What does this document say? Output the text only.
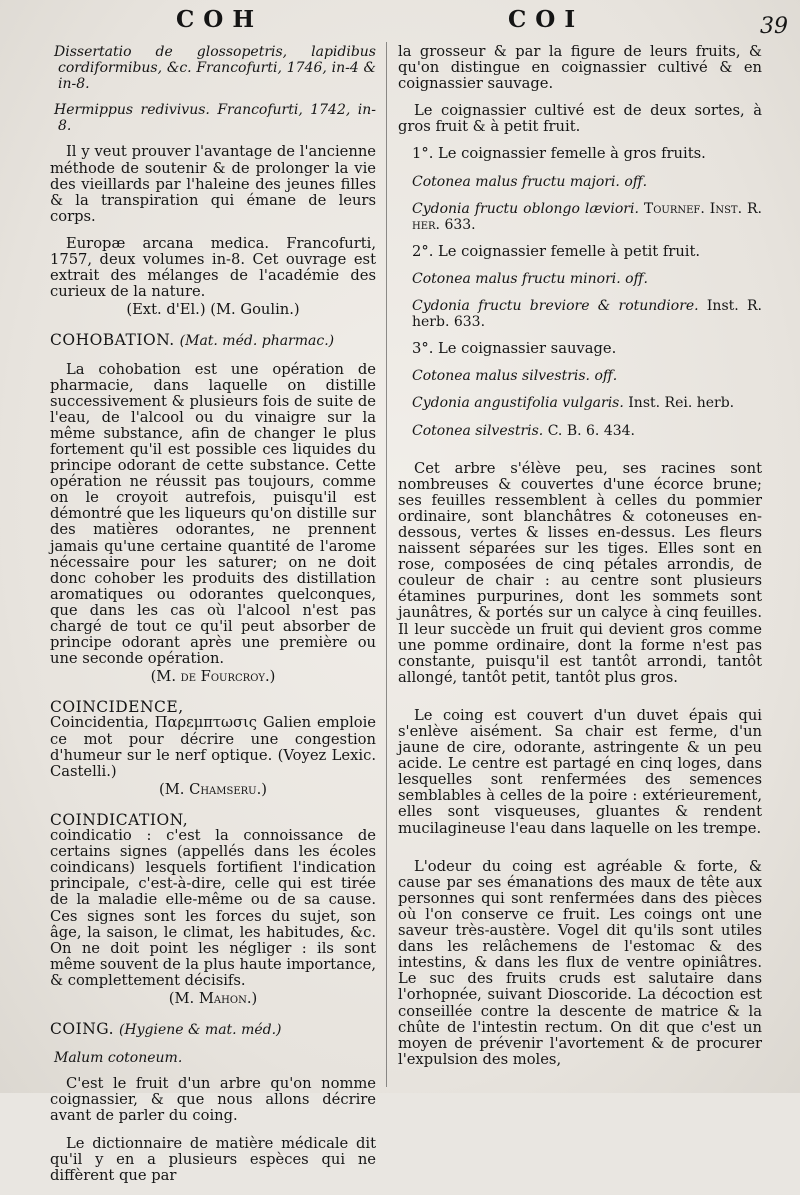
COH	COI	39

Dissertatio de glossopetris, lapidibus cordiformibus, &c. Francofurti, 1746, in-4 & in-8.

Hermippus redivivus. Francofurti, 1742, in-8.

Il y veut prouver l'avantage de l'ancienne méthode de soutenir & de prolonger la vie des vieillards par l'haleine des jeunes filles & la transpiration qui émane de leurs corps.

Europæ arcana medica. Francofurti, 1757, deux volumes in-8. Cet ouvrage est extrait des mélanges de l'académie des curieux de la nature.

(Ext. d'El.) (M. Goulin.)

COHOBATION. (Mat. méd. pharmac.)

La cohobation est une opération de pharmacie, dans laquelle on distille successivement & plusieurs fois de suite de l'eau, de l'alcool ou du vinaigre sur la même substance, afin de changer le plus fortement qu'il est possible ces liquides du principe odorant de cette substance. Cette opération ne réussit pas toujours, comme on le croyoit autrefois, puisqu'il est démontré que les liqueurs qu'on distille sur des matières odorantes, ne prennent jamais qu'une certaine quantité de l'arome nécessaire pour les saturer; on ne doit donc cohober les produits des distillation aromatiques ou odorantes quelconques, que dans les cas où l'alcool n'est pas chargé de tout ce qu'il peut absorber de principe odorant après une première ou une seconde opération.

(M. de Fourcroy.)

COINCIDENCE,

Coincidentia, Παρεμπτωσις Galien emploie ce mot pour décrire une congestion d'humeur sur le nerf optique. (Voyez Lexic. Castelli.)

(M. Chamseru.)

COINDICATION,

coindicatio : c'est la connoissance de certains signes (appellés dans les écoles coindicans) lesquels fortifient l'indication principale, c'est-à-dire, celle qui est tirée de la maladie elle-même ou de sa cause. Ces signes sont les forces du sujet, son âge, la saison, le climat, les habitudes, &c. On ne doit point les négliger : ils sont même souvent de la plus haute importance, & complettement décisifs.

(M. Mahon.)

COING. (Hygiene & mat. méd.)

Malum cotoneum.

C'est le fruit d'un arbre qu'on nomme coignassier, & que nous allons décrire avant de parler du coing.

Le dictionnaire de matière médicale dit qu'il y en a plusieurs espèces qui ne diffèrent que par

la grosseur & par la figure de leurs fruits, & qu'on distingue en coignassier cultivé & en coignassier sauvage.

Le coignassier cultivé est de deux sortes, à gros fruit & à petit fruit.

1°. Le coignassier femelle à gros fruits.

Cotonea malus fructu majori. off.

Cydonia fructu oblongo læviori. Tournef. Inst. R. her. 633.

2°. Le coignassier femelle à petit fruit.

Cotonea malus fructu minori. off.

Cydonia fructu breviore & rotundiore. Inst. R. herb. 633.

3°. Le coignassier sauvage.

Cotonea malus silvestris. off.

Cydonia angustifolia vulgaris. Inst. Rei. herb.

Cotonea silvestris. C. B. 6. 434.

Cet arbre s'élève peu, ses racines sont nombreuses & couvertes d'une écorce brune; ses feuilles ressemblent à celles du pommier ordinaire, sont blanchâtres & cotoneuses en-dessous, vertes & lisses en-dessus. Les fleurs naissent séparées sur les tiges. Elles sont en rose, composées de cinq pétales arrondis, de couleur de chair : au centre sont plusieurs étamines purpurines, dont les sommets sont jaunâtres, & portés sur un calyce à cinq feuilles. Il leur succède un fruit qui devient gros comme une pomme ordinaire, dont la forme n'est pas constante, puisqu'il est tantôt arrondi, tantôt allongé, tantôt petit, tantôt plus gros.

Le coing est couvert d'un duvet épais qui s'enlève aisément. Sa chair est ferme, d'un jaune de cire, odorante, astringente & un peu acide. Le centre est partagé en cinq loges, dans lesquelles sont renfermées des semences semblables à celles de la poire : extérieurement, elles sont visqueuses, gluantes & rendent mucilagineuse l'eau dans laquelle on les trempe.

L'odeur du coing est agréable & forte, & cause par ses émanations des maux de tête aux personnes qui sont renfermées dans des pièces où l'on conserve ce fruit. Les coings ont une saveur très-austère. Vogel dit qu'ils sont utiles dans les relâchemens de l'estomac & des intestins, & dans les flux de ventre opiniâtres. Le suc des fruits cruds est salutaire dans l'orhopnée, suivant Dioscoride. La décoction est conseillée contre la descente de matrice & la chûte de l'intestin rectum. On dit que c'est un moyen de prévenir l'avortement & de procurer l'expulsion des moles,
